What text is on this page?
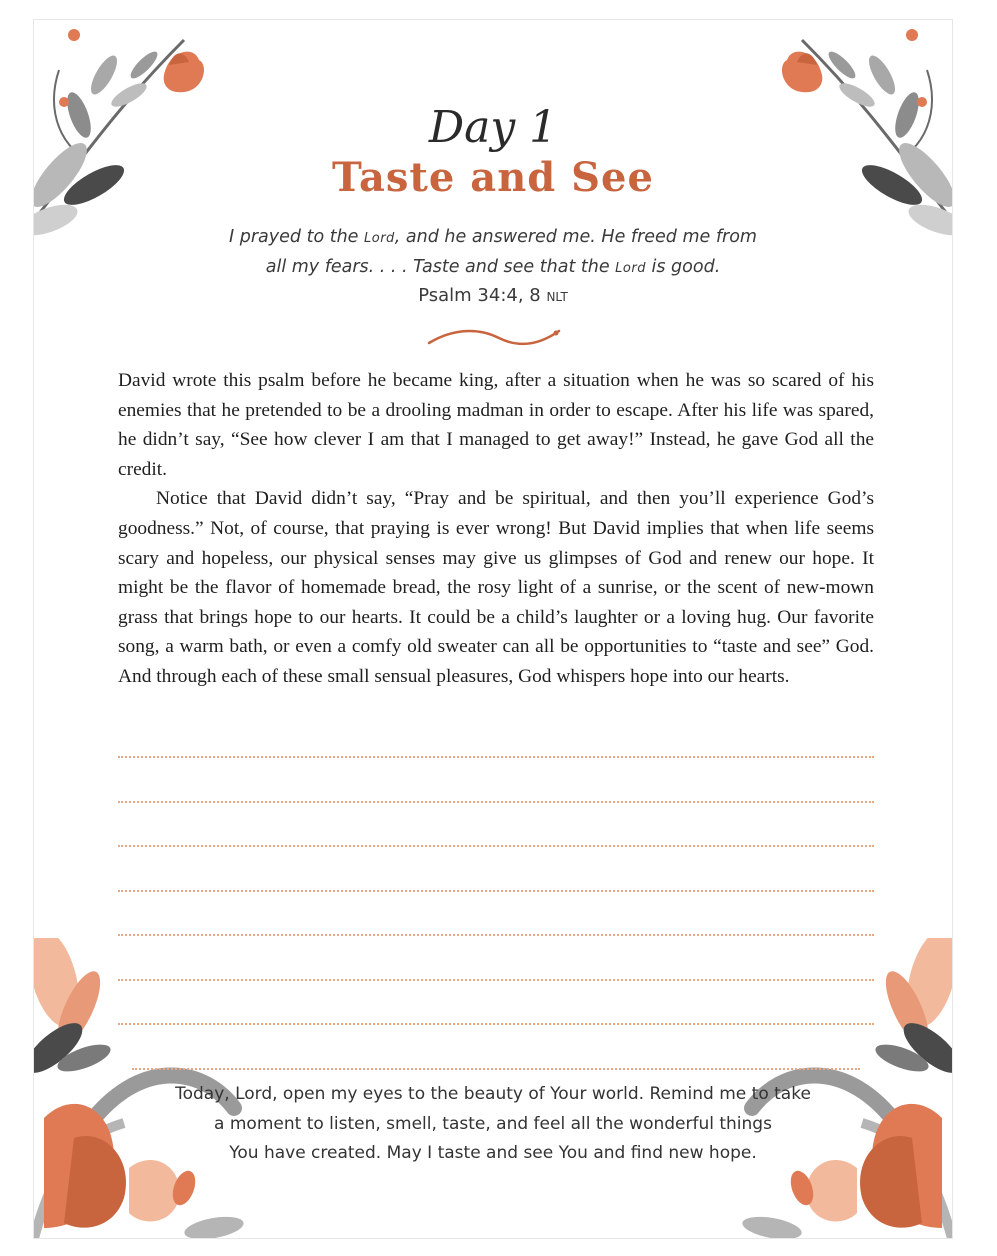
Day 1
Taste and See
I prayed to the Lord, and he answered me. He freed me from
all my fears. . . . Taste and see that the Lord is good.
Psalm 34:4, 8 NLT

David wrote this psalm before he became king, after a situation when he was so scared of his enemies that he pretended to be a drooling madman in order to escape. After his life was spared, he didn’t say, “See how clever I am that I managed to get away!” Instead, he gave God all the credit.

Notice that David didn’t say, “Pray and be spiritual, and then you’ll experience God’s goodness.” Not, of course, that praying is ever wrong! But David implies that when life seems scary and hopeless, our physical senses may give us glimpses of God and renew our hope. It might be the flavor of homemade bread, the rosy light of a sunrise, or the scent of new-mown grass that brings hope to our hearts. It could be a child’s laughter or a loving hug. Our favorite song, a warm bath, or even a comfy old sweater can all be opportunities to “taste and see” God. And through each of these small sensual pleasures, God whispers hope into our hearts.

Today, Lord, open my eyes to the beauty of Your world. Remind me to take
a moment to listen, smell, taste, and feel all the wonderful things
You have created. May I taste and see You and find new hope.
